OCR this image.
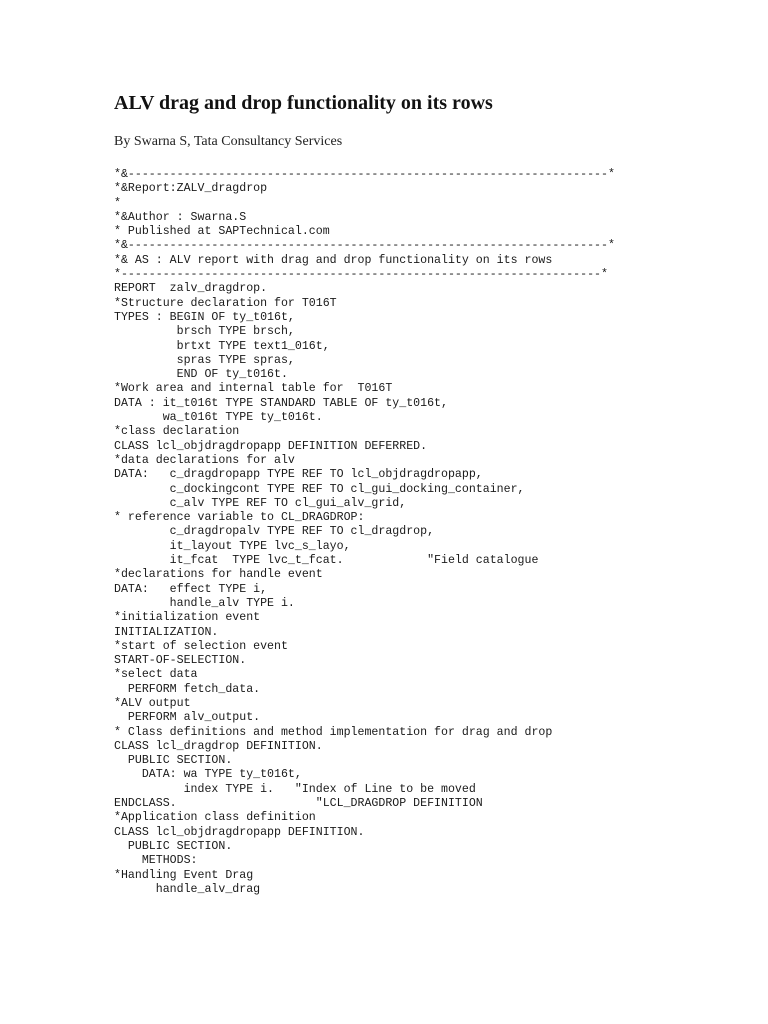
ALV drag and drop functionality on its rows

By Swarna S, Tata Consultancy Services

*&---------------------------------------------------------------------*
*&Report:ZALV_dragdrop
*
*&Author : Swarna.S
* Published at SAPTechnical.com
*&---------------------------------------------------------------------*
*& AS : ALV report with drag and drop functionality on its rows
*---------------------------------------------------------------------*
REPORT  zalv_dragdrop.
*Structure declaration for T016T
TYPES : BEGIN OF ty_t016t,
brsch TYPE brsch,
brtxt TYPE text1_016t,
spras TYPE spras,
END OF ty_t016t.
*Work area and internal table for  T016T
DATA : it_t016t TYPE STANDARD TABLE OF ty_t016t,
wa_t016t TYPE ty_t016t.
*class declaration
CLASS lcl_objdragdropapp DEFINITION DEFERRED.
*data declarations for alv
DATA:   c_dragdropapp TYPE REF TO lcl_objdragdropapp,
c_dockingcont TYPE REF TO cl_gui_docking_container,
c_alv TYPE REF TO cl_gui_alv_grid,
* reference variable to CL_DRAGDROP:
c_dragdropalv TYPE REF TO cl_dragdrop,
it_layout TYPE lvc_s_layo,
it_fcat  TYPE lvc_t_fcat.            "Field catalogue
*declarations for handle event
DATA:   effect TYPE i,
handle_alv TYPE i.
*initialization event
INITIALIZATION.
*start of selection event
START-OF-SELECTION.
*select data
PERFORM fetch_data.
*ALV output
PERFORM alv_output.
* Class definitions and method implementation for drag and drop
CLASS lcl_dragdrop DEFINITION.
PUBLIC SECTION.
DATA: wa TYPE ty_t016t,
index TYPE i.   "Index of Line to be moved
ENDCLASS.                    "LCL_DRAGDROP DEFINITION
*Application class definition
CLASS lcl_objdragdropapp DEFINITION.
PUBLIC SECTION.
METHODS:
*Handling Event Drag
handle_alv_drag
